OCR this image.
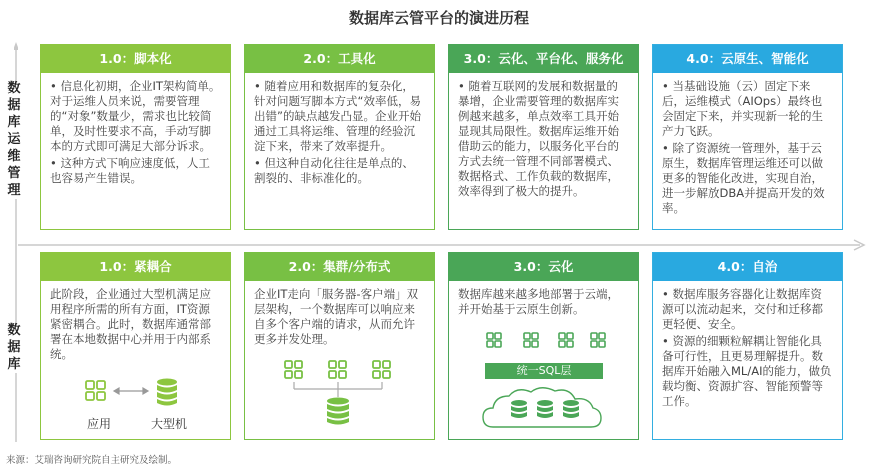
数据库云管平台的演进历程
数
据
库
运
维
管
理
数
据
库
1.0：脚本化

• 信息化初期，企业IT架构简单。对于运维人员来说，需要管理的“对象”数量少，需求也比较简单，及时性要求不高，手动写脚本的方式即可满足大部分诉求。

• 这种方式下响应速度低，人工也容易产生错误。

2.0：工具化

• 随着应用和数据库的复杂化，针对问题写脚本方式“效率低，易出错”的缺点越发凸显。企业开始通过工具将运维、管理的经验沉淀下来，带来了效率提升。

• 但这种自动化往往是单点的、割裂的、非标准化的。

3.0：云化、平台化、服务化

• 随着互联网的发展和数据量的暴增，企业需要管理的数据库实例越来越多，单点效率工具开始显现其局限性。数据库运维开始借助云的能力，以服务化平台的方式去统一管理不同部署模式、数据格式、工作负载的数据库，效率得到了极大的提升。

4.0：云原生、智能化

• 当基础设施（云）固定下来后，运维模式（AIOps）最终也会固定下来，并实现新一轮的生产力飞跃。

• 除了资源统一管理外，基于云原生，数据库管理运维还可以做更多的智能化改进，实现自治，进一步解放DBA并提高开发的效率。

1.0：紧耦合

此阶段，企业通过大型机满足应用程序所需的所有方面，IT资源紧密耦合。此时，数据库通常部署在本地数据中心并用于内部系统。

应用	大型机
2.0：集群/分布式

企业IT走向「服务器-客户端」双层架构，一个数据库可以响应来自多个客户端的请求，从而允许更多并发处理。

3.0：云化

数据库越来越多地部署于云端，并开始基于云原生创新。

统一SQL层
4.0：自治

• 数据库服务容器化让数据库资源可以流动起来，交付和迁移都更轻便、安全。

• 资源的细颗粒解耦让智能化具备可行性，且更易理解提升。数据库开始融入ML/AI的能力，做负载均衡、资源扩容、智能预警等工作。

来源：艾瑞咨询研究院自主研究及绘制。
